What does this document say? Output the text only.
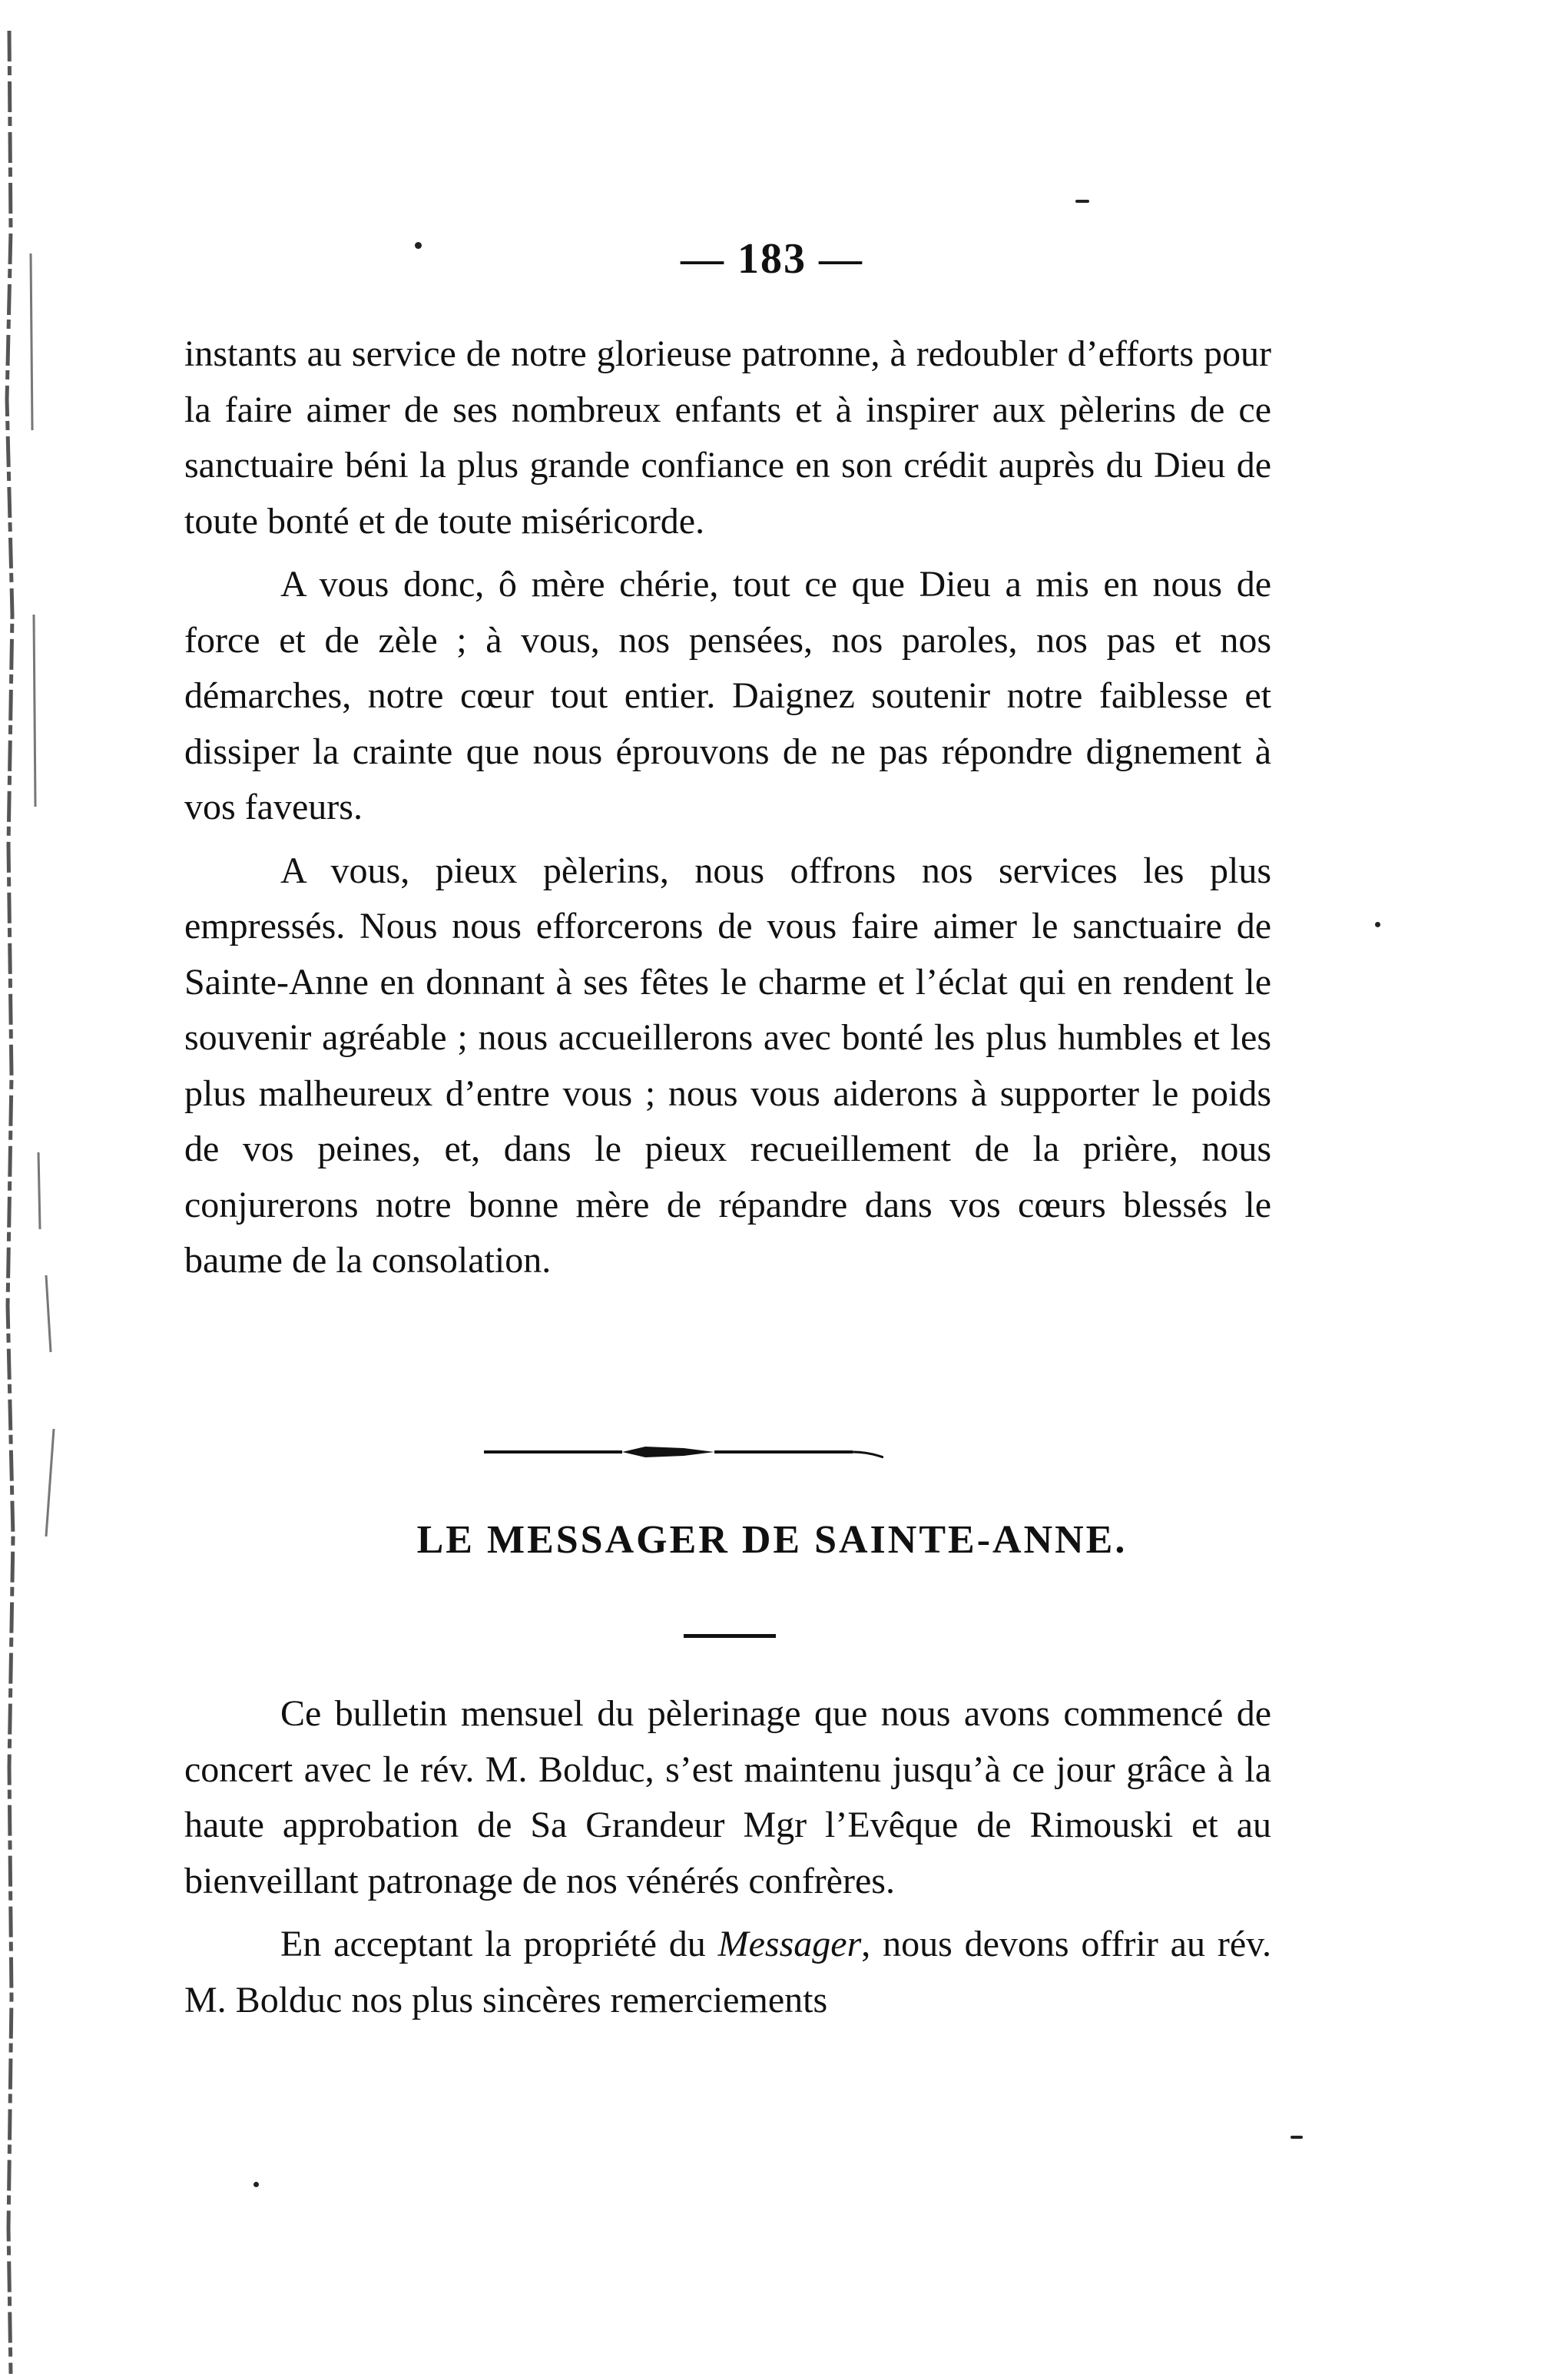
— 183 —

instants au service de notre glorieuse patronne, à redoubler d’efforts pour la faire aimer de ses nombreux enfants et à inspirer aux pèlerins de ce sanctuaire béni la plus grande confiance en son crédit auprès du Dieu de toute bonté et de toute miséricorde.

A vous donc, ô mère chérie, tout ce que Dieu a mis en nous de force et de zèle ; à vous, nos pensées, nos paroles, nos pas et nos démarches, notre cœur tout entier. Daignez soutenir notre faiblesse et dissiper la crainte que nous éprouvons de ne pas répondre dignement à vos faveurs.

A vous, pieux pèlerins, nous offrons nos services les plus empressés. Nous nous efforcerons de vous faire aimer le sanctuaire de Sainte-Anne en donnant à ses fêtes le charme et l’éclat qui en rendent le souvenir agréable ; nous accueillerons avec bonté les plus humbles et les plus malheureux d’entre vous ; nous vous aiderons à supporter le poids de vos peines, et, dans le pieux recueillement de la prière, nous conjurerons notre bonne mère de répandre dans vos cœurs blessés le baume de la consolation.

LE MESSAGER DE SAINTE-ANNE.

Ce bulletin mensuel du pèlerinage que nous avons commencé de concert avec le rév. M. Bolduc, s’est maintenu jusqu’à ce jour grâce à la haute approbation de Sa Grandeur Mgr l’Evêque de Rimouski et au bienveillant patronage de nos vénérés confrères.

En acceptant la propriété du Messager, nous devons offrir au rév. M. Bolduc nos plus sincères remerciements
